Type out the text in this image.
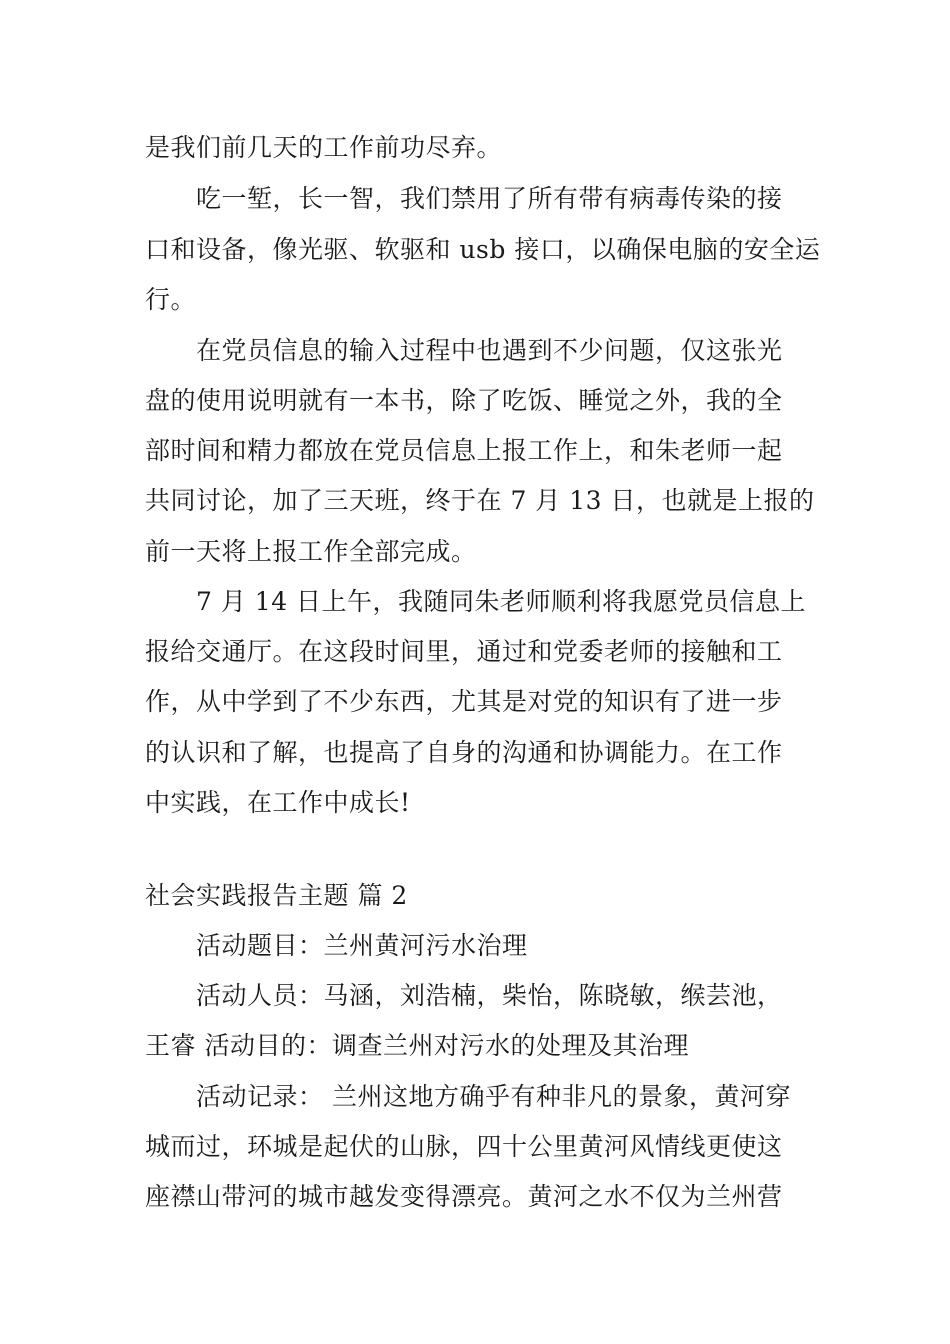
是我们前几天的工作前功尽弃。
吃一堑，长一智，我们禁用了所有带有病毒传染的接
口和设备，像光驱、软驱和 usb 接口，以确保电脑的安全运
行。
在党员信息的输入过程中也遇到不少问题，仅这张光
盘的使用说明就有一本书，除了吃饭、睡觉之外，我的全
部时间和精力都放在党员信息上报工作上，和朱老师一起
共同讨论，加了三天班，终于在 7 月 13 日，也就是上报的
前一天将上报工作全部完成。
7 月 14 日上午，我随同朱老师顺利将我愿党员信息上
报给交通厅。在这段时间里，通过和党委老师的接触和工
作，从中学到了不少东西，尤其是对党的知识有了进一步
的认识和了解，也提高了自身的沟通和协调能力。在工作
中实践，在工作中成长!
社会实践报告主题 篇 2
活动题目：兰州黄河污水治理
活动人员：马涵，刘浩楠，柴怡，陈晓敏，缑芸池，
王睿 活动目的：调查兰州对污水的处理及其治理
活动记录： 兰州这地方确乎有种非凡的景象，黄河穿
城而过，环城是起伏的山脉，四十公里黄河风情线更使这
座襟山带河的城市越发变得漂亮。黄河之水不仅为兰州营
